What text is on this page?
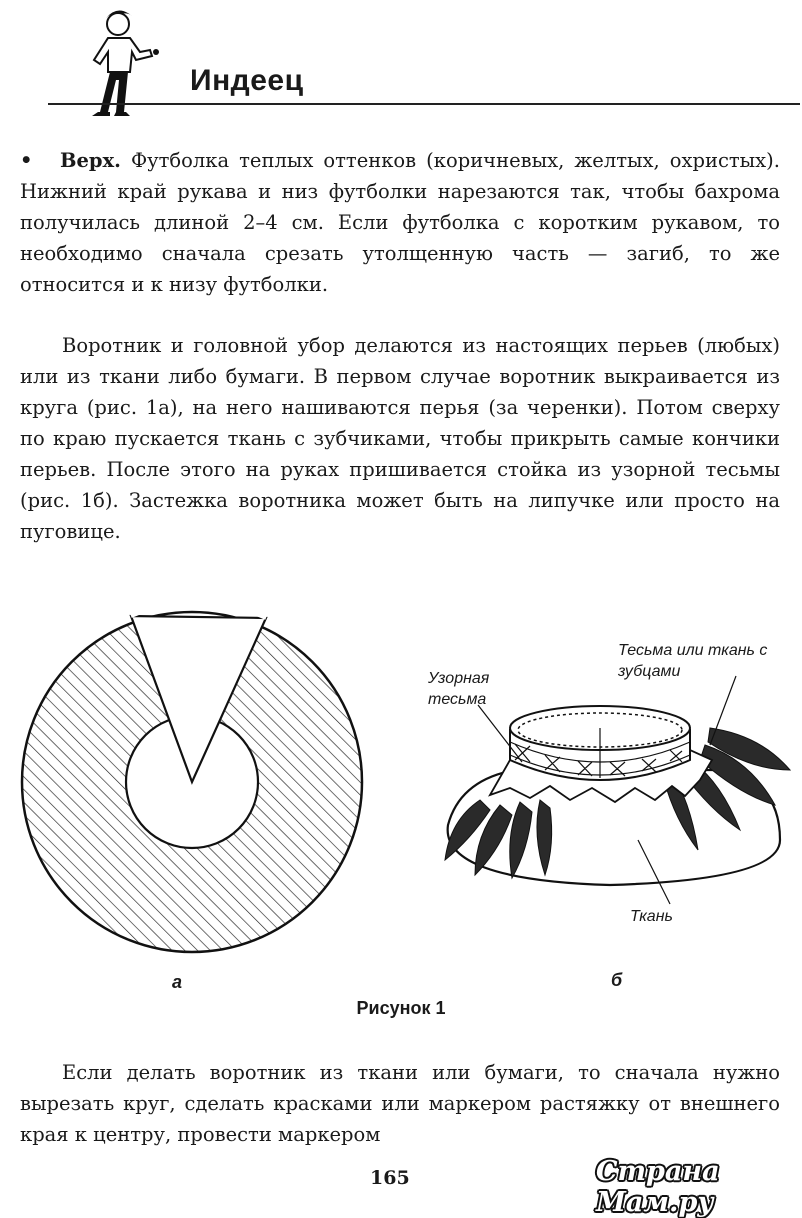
Индеец
• Верх. Футболка теплых оттенков (коричневых, желтых, охристых). Нижний край рукава и низ футболки нарезаются так, чтобы бахрома получилась длиной 2–4 см. Если футболка с коротким рукавом, то необходимо сначала срезать утолщенную часть — загиб, то же относится и к низу футболки.
Воротник и головной убор делаются из настоящих перьев (любых) или из ткани либо бумаги. В первом случае воротник выкраивается из круга (рис. 1а), на него нашиваются перья (за черенки). Потом сверху по краю пускается ткань с зубчиками, чтобы прикрыть самые кончики перьев. После этого на руках пришивается стойка из узорной тесьмы (рис. 1б). Застежка воротника может быть на липучке или просто на пуговице.
Узорная тесьма
Тесьма или ткань с зубцами
Ткань
а	б
Рисунок 1
Если делать воротник из ткани или бумаги, то сначала нужно вырезать круг, сделать красками или маркером растяжку от внешнего края к центру, провести маркером
165	Страна Мам.ру
